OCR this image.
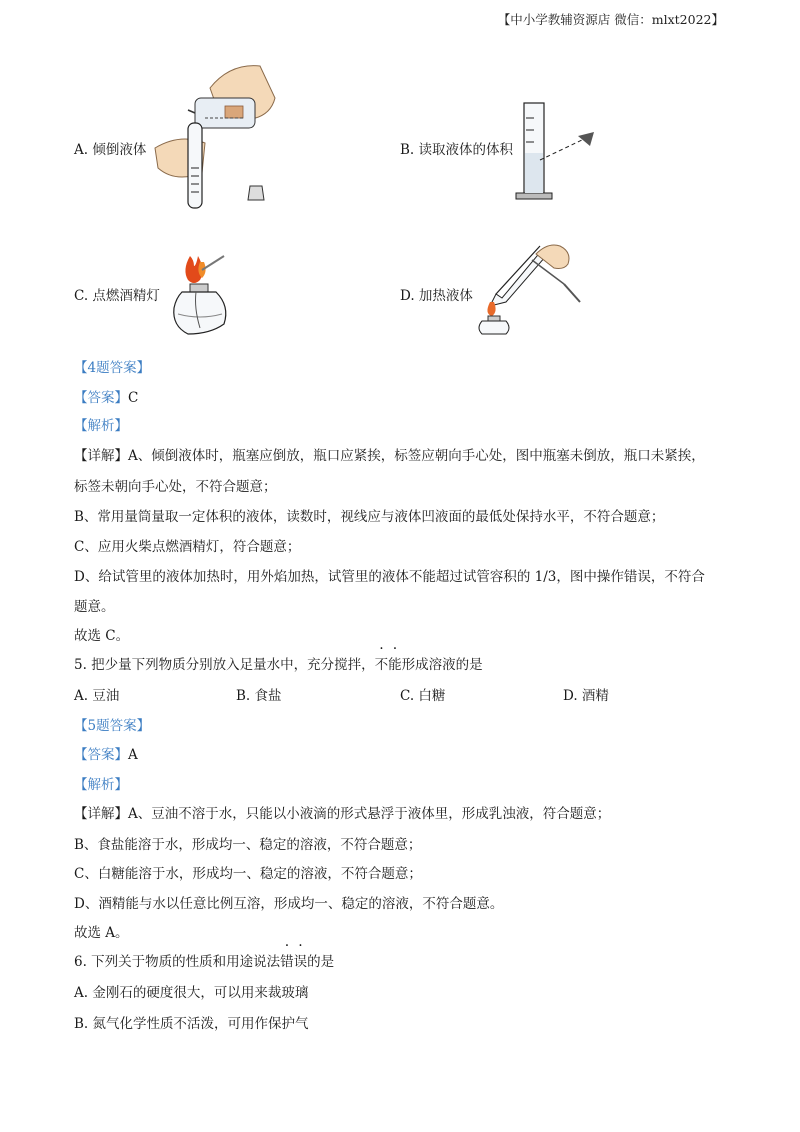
【中小学教辅资源店 微信：mlxt2022】
A. 倾倒液体	B. 读取液体的体积
C. 点燃酒精灯	D. 加热液体
【4题答案】
【答案】C
【解析】
【详解】A、倾倒液体时，瓶塞应倒放，瓶口应紧挨，标签应朝向手心处，图中瓶塞未倒放，瓶口未紧挨，
标签未朝向手心处，不符合题意；
B、常用量筒量取一定体积的液体，读数时，视线应与液体凹液面的最低处保持水平，不符合题意；
C、应用火柴点燃酒精灯，符合题意；
D、给试管里的液体加热时，用外焰加热，试管里的液体不能超过试管容积的 1/3，图中操作错误，不符合
题意。
故选 C。
5. 把少量下列物质分别放入足量水中，充分搅拌，不能形成溶液的是
A. 豆油	B. 食盐	C. 白糖	D. 酒精
【5题答案】
【答案】A
【解析】
【详解】A、豆油不溶于水，只能以小液滴的形式悬浮于液体里，形成乳浊液，符合题意；
B、食盐能溶于水，形成均一、稳定的溶液，不符合题意；
C、白糖能溶于水，形成均一、稳定的溶液，不符合题意；
D、酒精能与水以任意比例互溶，形成均一、稳定的溶液，不符合题意。
故选 A。
6. 下列关于物质的性质和用途说法错误的是
A. 金刚石的硬度很大，可以用来裁玻璃
B. 氮气化学性质不活泼，可用作保护气
